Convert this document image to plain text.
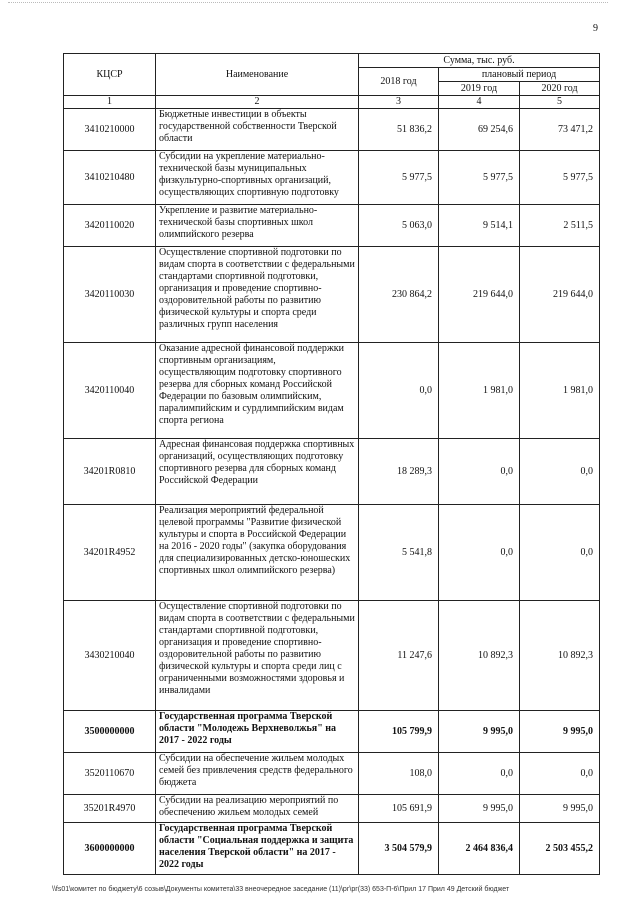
9
КЦСР	Наименование	Сумма, тыс. руб.		
		2018 год	плановый период	
			2019 год	2020 год
1	2	3	4	5
3410210000	Бюджетные инвестиции в объекты государственной собственности Тверской области	51 836,2	69 254,6	73 471,2
3410210480	Субсидии на укрепление материально-технической базы муниципальных физкультурно-спортивных организаций, осуществляющих спортивную подготовку	5 977,5	5 977,5	5 977,5
3420110020	Укрепление и развитие материально-технической базы спортивных школ олимпийского резерва	5 063,0	9 514,1	2 511,5
3420110030	Осуществление спортивной подготовки по видам спорта в соответствии с федеральными стандартами спортивной подготовки, организация и проведение спортивно-оздоровительной работы по развитию физической культуры и спорта среди различных групп населения	230 864,2	219 644,0	219 644,0
3420110040	Оказание адресной финансовой поддержки спортивным организациям, осуществляющим подготовку спортивного резерва для сборных команд Российской Федерации по базовым олимпийским, паралимпийским и сурдлимпийским видам спорта региона	0,0	1 981,0	1 981,0
34201R0810	Адресная финансовая поддержка спортивных организаций, осуществляющих подготовку спортивного резерва для сборных команд Российской Федерации	18 289,3	0,0	0,0
34201R4952	Реализация мероприятий федеральной целевой программы "Развитие физической культуры и спорта в Российской Федерации на 2016 - 2020 годы" (закупка оборудования для специализированных детско-юношеских спортивных школ олимпийского резерва)	5 541,8	0,0	0,0
3430210040	Осуществление спортивной подготовки по видам спорта в соответствии с федеральными стандартами спортивной подготовки, организация и проведение спортивно-оздоровительной работы по развитию физической культуры и спорта среди лиц с ограниченными возможностями здоровья и инвалидами	11 247,6	10 892,3	10 892,3
3500000000	Государственная программа Тверской области "Молодежь Верхневолжья" на 2017 - 2022 годы	105 799,9	9 995,0	9 995,0
3520110670	Субсидии на обеспечение жильем молодых семей без привлечения средств федерального бюджета	108,0	0,0	0,0
35201R4970	Субсидии на реализацию мероприятий по обеспечению жильем молодых семей	105 691,9	9 995,0	9 995,0
3600000000	Государственная программа Тверской области "Социальная поддержка и защита населения Тверской области" на 2017 - 2022 годы	3 504 579,9	2 464 836,4	2 503 455,2
\\fs01\комитет по бюджету\6 созыв\Документы комитета\33 внеочередное заседание (11)\рг\рг(33) 653-П-6\Прил 17 Прил 49 Детский бюджет
